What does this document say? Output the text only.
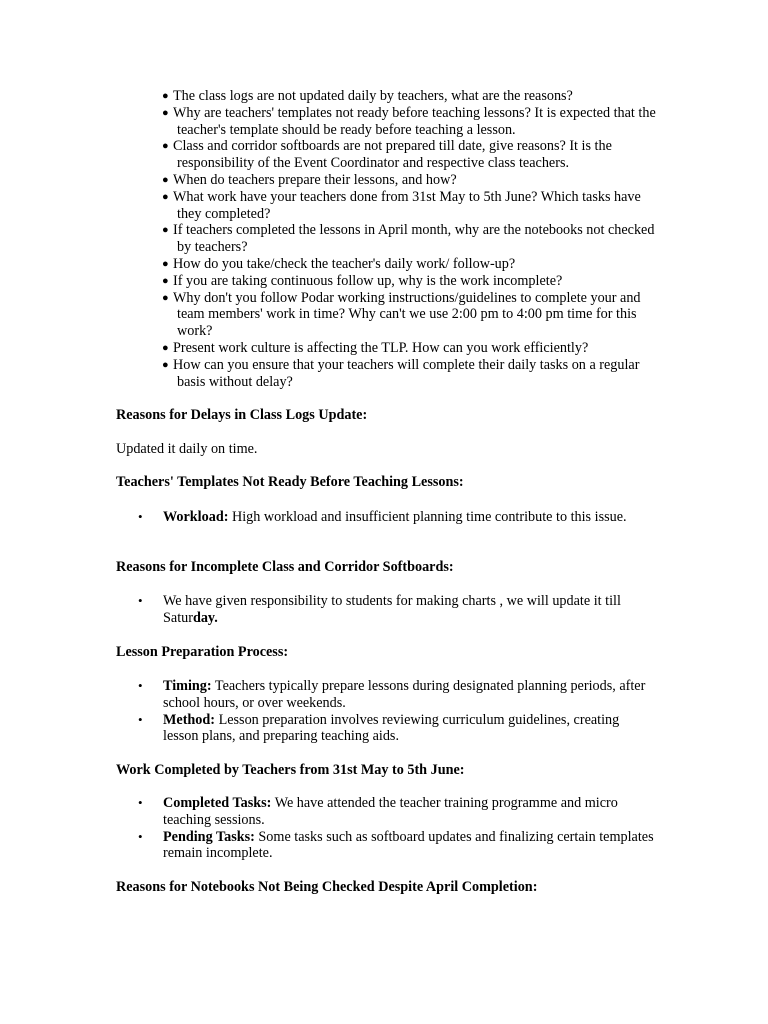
● The class logs are not updated daily by teachers, what are the reasons?
● Why are teachers' templates not ready before teaching lessons? It is expected that the teacher's template should be ready before teaching a lesson.
● Class and corridor softboards are not prepared till date, give reasons? It is the responsibility of the Event Coordinator and respective class teachers.
● When do teachers prepare their lessons, and how?
● What work have your teachers done from 31st May to 5th June? Which tasks have they completed?
● If teachers completed the lessons in April month, why are the notebooks not checked by teachers?
● How do you take/check the teacher's daily work/ follow-up?
● If you are taking continuous follow up, why is the work incomplete?
● Why don't you follow Podar working instructions/guidelines to complete your and team members' work in time? Why can't we use 2:00 pm to 4:00 pm time for this work?
● Present work culture is affecting the TLP. How can you work efficiently?
● How can you ensure that your teachers will complete their daily tasks on a regular basis without delay?
Reasons for Delays in Class Logs Update:
Updated it daily on time.
Teachers' Templates Not Ready Before Teaching Lessons:
• Workload: High workload and insufficient planning time contribute to this issue.
Reasons for Incomplete Class and Corridor Softboards:
• We have given responsibility to students for making charts , we will update it till Saturday.
Lesson Preparation Process:
• Timing: Teachers typically prepare lessons during designated planning periods, after school hours, or over weekends.
• Method: Lesson preparation involves reviewing curriculum guidelines, creating lesson plans, and preparing teaching aids.
Work Completed by Teachers from 31st May to 5th June:
• Completed Tasks: We have attended the teacher training programme and micro teaching sessions.
• Pending Tasks: Some tasks such as softboard updates and finalizing certain templates remain incomplete.
Reasons for Notebooks Not Being Checked Despite April Completion:
